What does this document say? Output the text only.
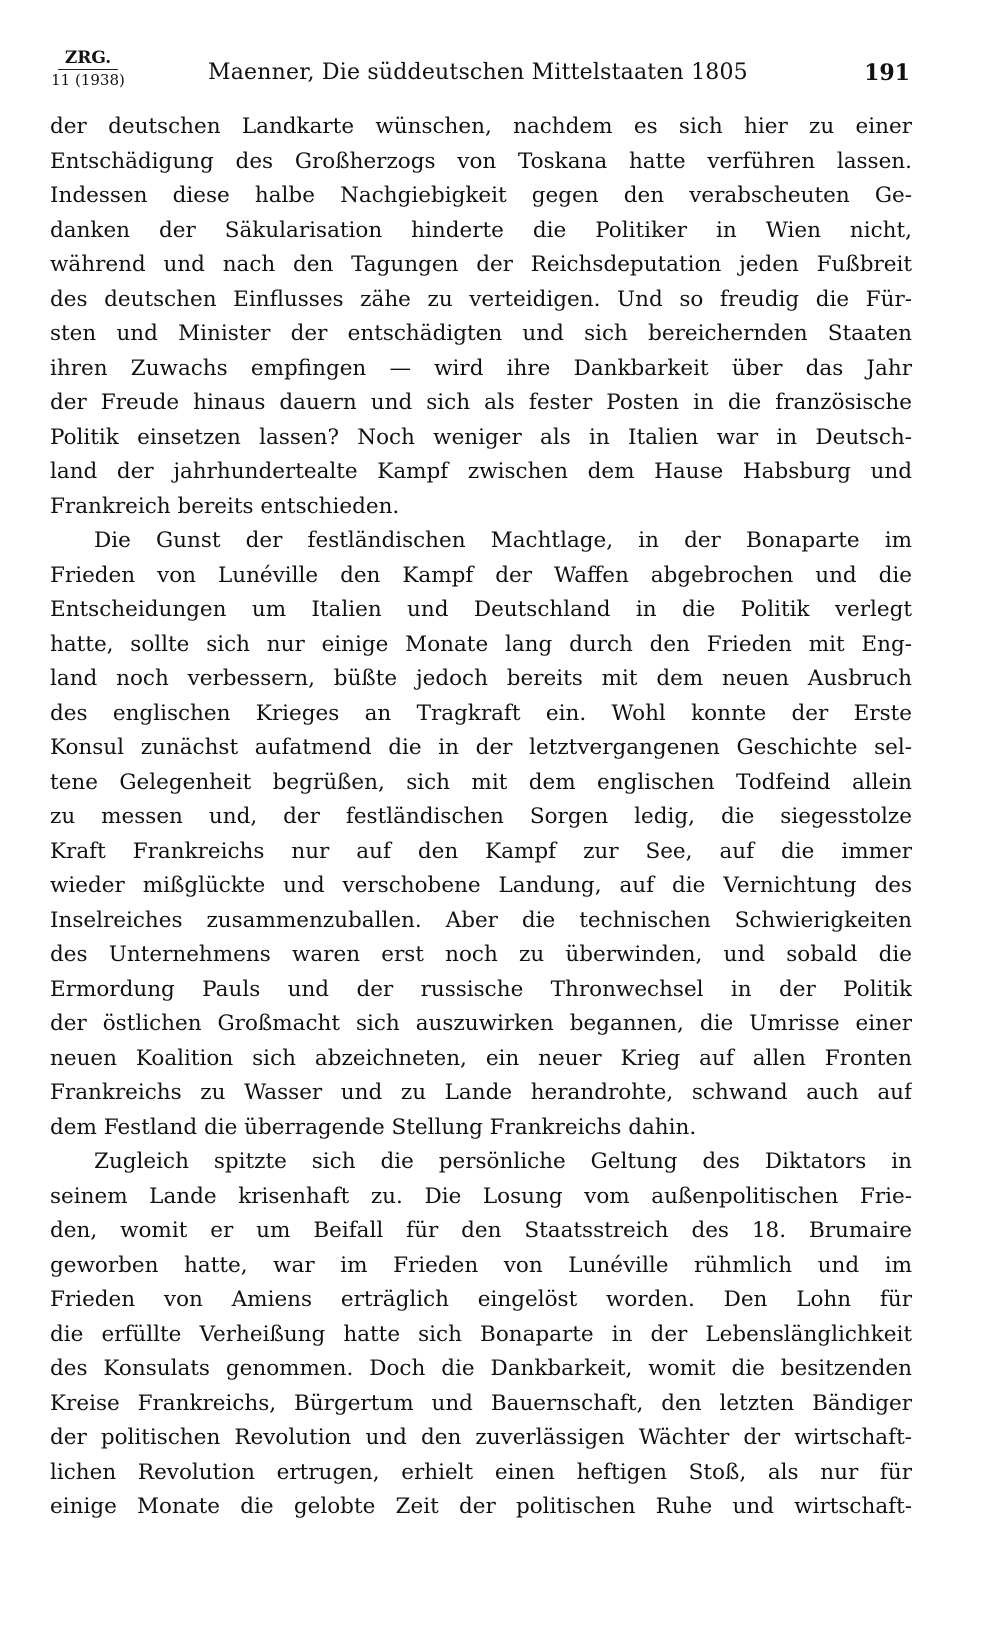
ZRG.
11 (1938)	Maenner, Die süddeutschen Mittelstaaten 1805	191
der deutschen Landkarte wünschen, nachdem es sich hier zu einer
Entschädigung des Großherzogs von Toskana hatte verführen lassen.
Indessen diese halbe Nachgiebigkeit gegen den verabscheuten Ge-
danken der Säkularisation hinderte die Politiker in Wien nicht,
während und nach den Tagungen der Reichsdeputation jeden Fußbreit
des deutschen Einflusses zähe zu verteidigen. Und so freudig die Für-
sten und Minister der entschädigten und sich bereichernden Staaten
ihren Zuwachs empfingen — wird ihre Dankbarkeit über das Jahr
der Freude hinaus dauern und sich als fester Posten in die französische
Politik einsetzen lassen? Noch weniger als in Italien war in Deutsch-
land der jahrhundertealte Kampf zwischen dem Hause Habsburg und
Frankreich bereits entschieden.
Die Gunst der festländischen Machtlage, in der Bonaparte im
Frieden von Lunéville den Kampf der Waffen abgebrochen und die
Entscheidungen um Italien und Deutschland in die Politik verlegt
hatte, sollte sich nur einige Monate lang durch den Frieden mit Eng-
land noch verbessern, büßte jedoch bereits mit dem neuen Ausbruch
des englischen Krieges an Tragkraft ein. Wohl konnte der Erste
Konsul zunächst aufatmend die in der letztvergangenen Geschichte sel-
tene Gelegenheit begrüßen, sich mit dem englischen Todfeind allein
zu messen und, der festländischen Sorgen ledig, die siegesstolze
Kraft Frankreichs nur auf den Kampf zur See, auf die immer
wieder mißglückte und verschobene Landung, auf die Vernichtung des
Inselreiches zusammenzuballen. Aber die technischen Schwierigkeiten
des Unternehmens waren erst noch zu überwinden, und sobald die
Ermordung Pauls und der russische Thronwechsel in der Politik
der östlichen Großmacht sich auszuwirken begannen, die Umrisse einer
neuen Koalition sich abzeichneten, ein neuer Krieg auf allen Fronten
Frankreichs zu Wasser und zu Lande herandrohte, schwand auch auf
dem Festland die überragende Stellung Frankreichs dahin.
Zugleich spitzte sich die persönliche Geltung des Diktators in
seinem Lande krisenhaft zu. Die Losung vom außenpolitischen Frie-
den, womit er um Beifall für den Staatsstreich des 18. Brumaire
geworben hatte, war im Frieden von Lunéville rühmlich und im
Frieden von Amiens erträglich eingelöst worden. Den Lohn für
die erfüllte Verheißung hatte sich Bonaparte in der Lebenslänglichkeit
des Konsulats genommen. Doch die Dankbarkeit, womit die besitzenden
Kreise Frankreichs, Bürgertum und Bauernschaft, den letzten Bändiger
der politischen Revolution und den zuverlässigen Wächter der wirtschaft-
lichen Revolution ertrugen, erhielt einen heftigen Stoß, als nur für
einige Monate die gelobte Zeit der politischen Ruhe und wirtschaft-
